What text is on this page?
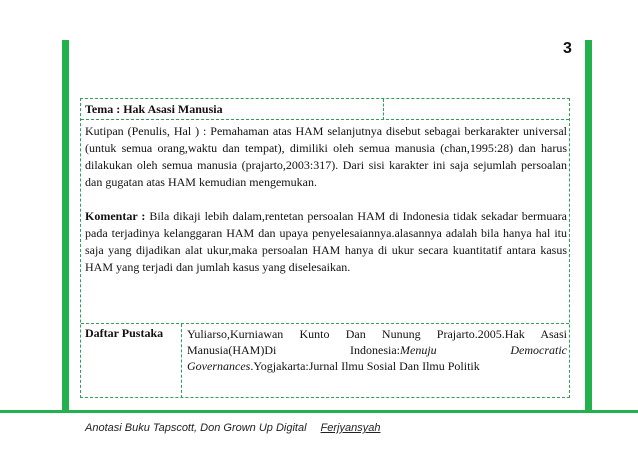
3
Tema : Hak Asasi Manusia

Kutipan (Penulis, Hal ) : Pemahaman atas HAM selanjutnya disebut sebagai berkarakter universal (untuk semua orang,waktu dan tempat), dimiliki oleh semua manusia (chan,1995:28) dan harus dilakukan oleh semua manusia (prajarto,2003:317). Dari sisi karakter ini saja sejumlah persoalan dan gugatan atas HAM kemudian mengemukan.

Komentar : Bila dikaji lebih dalam,rentetan persoalan HAM di Indonesia tidak sekadar bermuara pada terjadinya kelanggaran HAM dan upaya penyelesaiannya.alasannya adalah bila hanya hal itu saja yang dijadikan alat ukur,maka persoalan HAM hanya di ukur secara kuantitatif antara kasus HAM yang terjadi dan jumlah kasus yang diselesaikan.

Daftar Pustaka Yuliarso,Kurniawan Kunto Dan Nunung Prajarto.2005.Hak Asasi Manusia(HAM)Di Indonesia:Menuju Democratic Governances.Yogjakarta:Jurnal Ilmu Sosial Dan Ilmu Politik
Anotasi Buku Tapscott, Don Grown Up Digital Ferjyansyah
